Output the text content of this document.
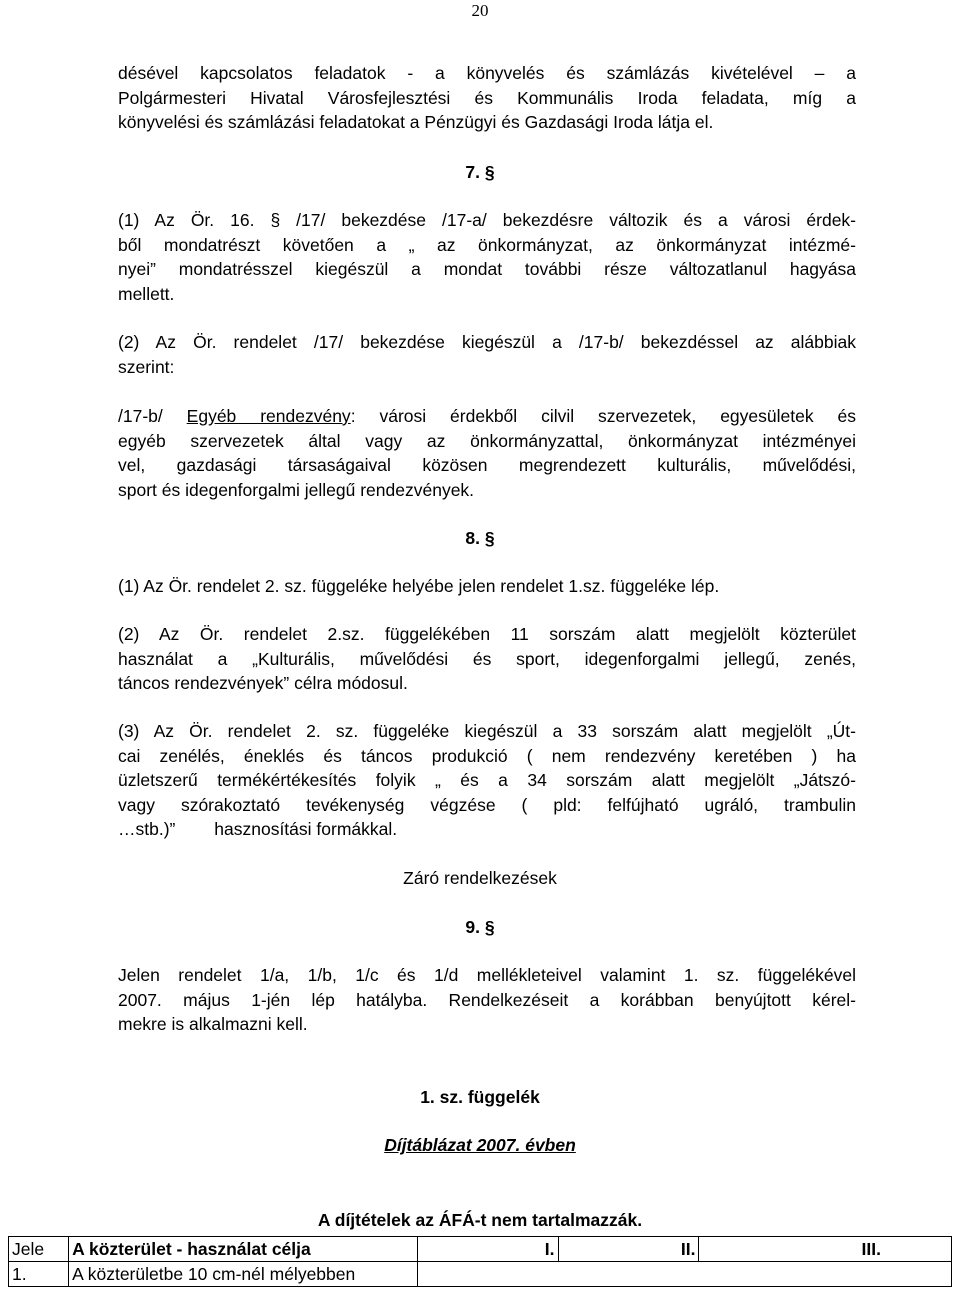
20
désével kapcsolatos feladatok - a könyvelés és számlázás kivételével – a
Polgármesteri Hivatal Városfejlesztési és Kommunális Iroda feladata, míg a
könyvelési és számlázási feladatokat a Pénzügyi és Gazdasági Iroda látja el.
7. §
(1) Az Ör. 16. § /17/ bekezdése /17-a/ bekezdésre változik és a városi érdek-
ből mondatrészt követően a „ az önkormányzat, az önkormányzat intézmé-
nyei” mondatrésszel kiegészül a mondat további része változatlanul hagyása
mellett.
(2) Az Ör. rendelet /17/ bekezdése kiegészül a /17-b/ bekezdéssel az alábbiak
szerint:
/17-b/ Egyéb rendezvény: városi érdekből cilvil szervezetek, egyesületek és
egyéb szervezetek által vagy az önkormányzattal, önkormányzat intézményei
vel, gazdasági társaságaival közösen megrendezett kulturális, művelődési,
sport és idegenforgalmi jellegű rendezvények.
8. §
(1) Az Ör. rendelet 2. sz. függeléke helyébe jelen rendelet 1.sz. függeléke lép.
(2) Az Ör. rendelet 2.sz. függelékében 11 sorszám alatt megjelölt közterület
használat a „Kulturális, művelődési és sport, idegenforgalmi jellegű, zenés,
táncos rendezvények” célra módosul.
(3) Az Ör. rendelet 2. sz. függeléke kiegészül a 33 sorszám alatt megjelölt „Út-
cai zenélés, éneklés és táncos produkció ( nem rendezvény keretében ) ha
üzletszerű termékértékesítés folyik „ és a 34 sorszám alatt megjelölt „Játszó-
vagy szórakoztató tevékenység végzése ( pld: felfújható ugráló, trambulin
…stb.)”        hasznosítási formákkal.
Záró rendelkezések
9. §
Jelen rendelet 1/a, 1/b, 1/c és 1/d mellékleteivel valamint 1. sz. függelékével
2007. május 1-jén lép hatályba. Rendelkezéseit a korábban benyújtott kérel-
mekre is alkalmazni kell.
1. sz. függelék
Díjtáblázat 2007. évben
A díjtételek az ÁFÁ-t nem tartalmazzák.
Jele	A közterület - használat célja	I.	II.	III.
1.	A közterületbe 10 cm-nél mélyebben			
